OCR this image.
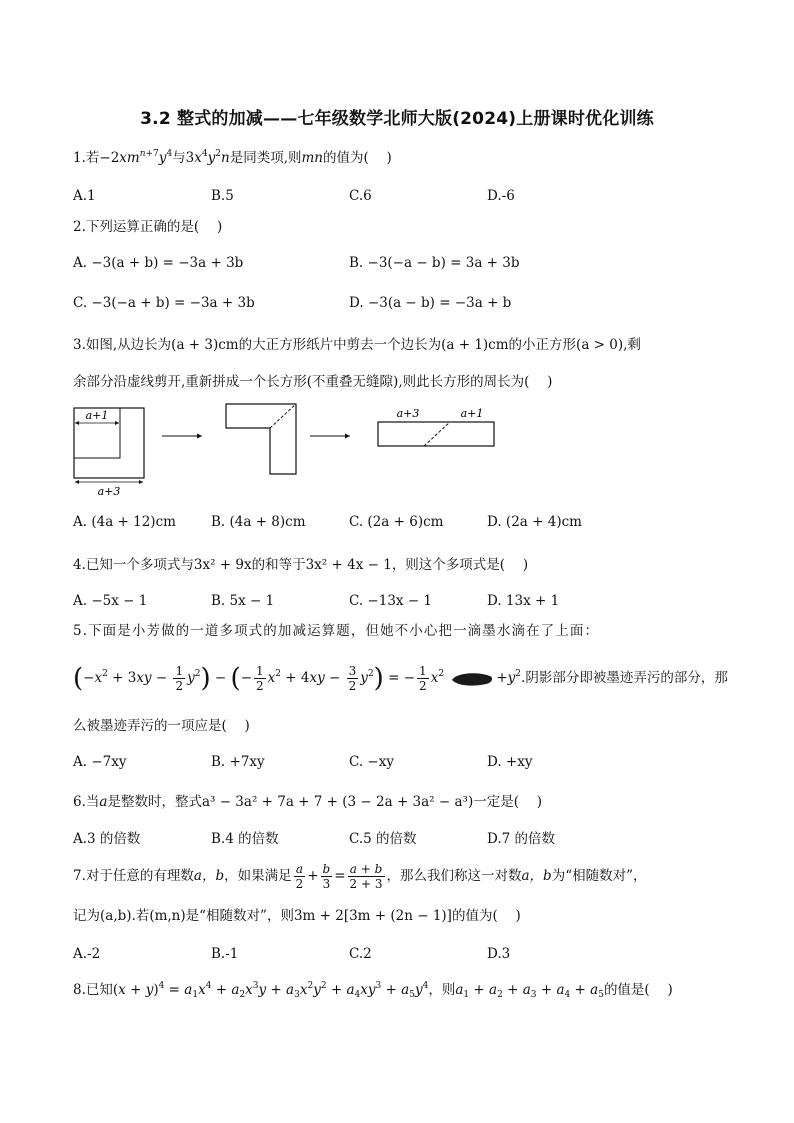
3.2 整式的加减——七年级数学北师大版(2024)上册课时优化训练
1.若$-2xm^{n+7}y^4$与$3x^4y^2n$是同类项,则mn的值为(　 )
A.1	B.5	C.6	D.-6
2.下列运算正确的是(　 )
A. −3(a + b) = −3a + 3b	B. −3(−a − b) = 3a + 3b
C. −3(−a + b) = −3a + 3b	D. −3(a − b) = −3a + b
3.如图,从边长为(a + 3)cm的大正方形纸片中剪去一个边长为(a + 1)cm的小正方形(a > 0),剩
余部分沿虚线剪开,重新拼成一个长方形(不重叠无缝隙),则此长方形的周长为(　 )
a+1
a+3
a+3	a+1
A. (4a + 12)cm	B. (4a + 8)cm	C. (2a + 6)cm	D. (2a + 4)cm
4.已知一个多项式与3x² + 9x的和等于3x² + 4x − 1，则这个多项式是(　 )
A. −5x − 1	B. 5x − 1	C. −13x − 1	D. 13x + 1
5.下面是小芳做的一道多项式的加减运算题，但她不小心把一滴墨水滴在了上面：
$(-x^2 + 3xy - \frac{1}{2} y^2)$ − (− $\frac{1}{2} x^2 + 4xy - \frac{3}{2} y^2$) = − $\frac{1}{2} x^2$	$+y^2$.阴影部分即被墨迹弄污的部分，那
么被墨迹弄污的一项应是(　 )
A. −7xy	B. +7xy	C. −xy	D. +xy
6.当a是整数时，整式a³ − 3a² + 7a + 7 + (3 − 2a + 3a² − a³)一定是(　 )
A.3 的倍数	B.4 的倍数	C.5 的倍数	D.7 的倍数
7.对于任意的有理数a，b，如果满足 $\frac{a}{2} + \frac{b}{3} = \frac{a + b}{2 + 3}$ ，那么我们称这一对数a，b为“相随数对”，
记为(a,b).若(m,n)是“相随数对”，则3m + 2[3m + (2n − 1)]的值为(　 )
A.-2	B.-1	C.2	D.3
8.已知$(x + y)^4 = a_1x^4 + a_2x^3y + a_3x^2y^2 + a_4xy^3 + a_5y^4$，则$a_1 + a_2 + a_3 + a_4 + a_5$的值是(　 )
